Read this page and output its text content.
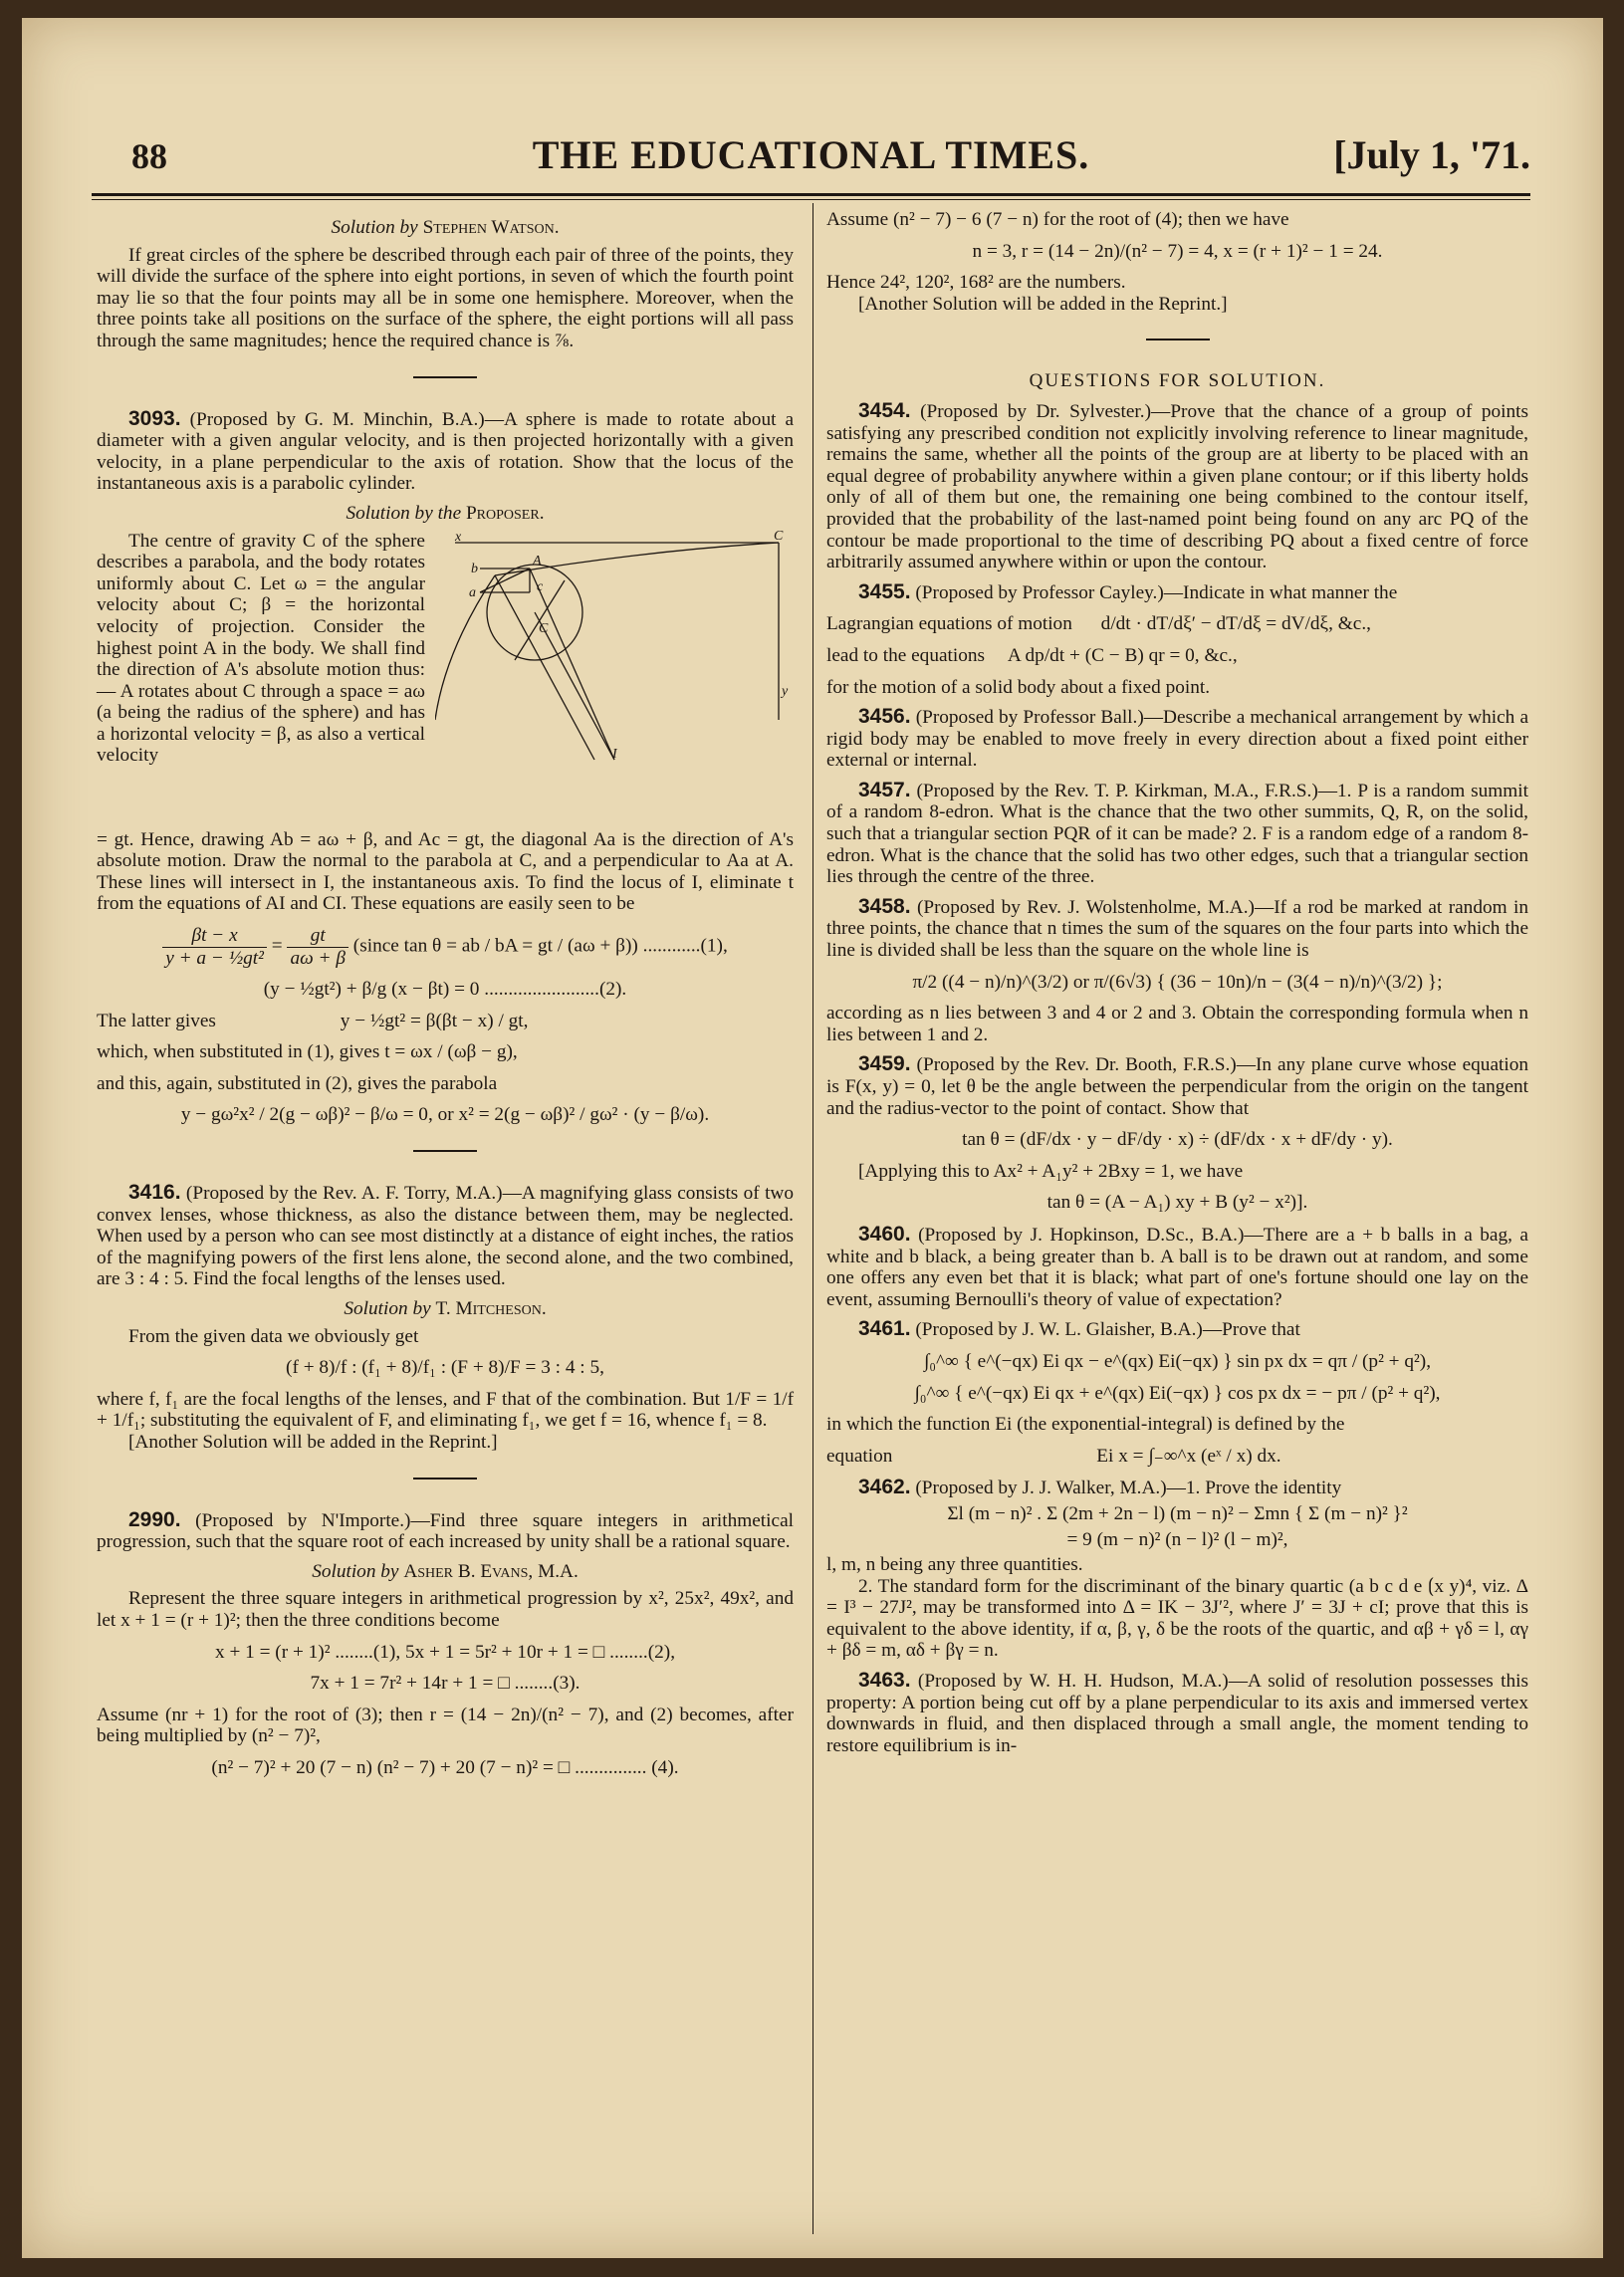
88	THE EDUCATIONAL TIMES.	[July 1, '71.

Solution by Stephen Watson.

If great circles of the sphere be described through each pair of three of the points, they will divide the surface of the sphere into eight portions, in seven of which the fourth point may lie so that the four points may all be in some one hemisphere. Moreover, when the three points take all positions on the surface of the sphere, the eight portions will all pass through the same magnitudes; hence the required chance is ⅞.

3093. (Proposed by G. M. Minchin, B.A.)—A sphere is made to rotate about a diameter with a given angular velocity, and is then projected horizontally with a given velocity, in a plane perpendicular to the axis of rotation. Show that the locus of the instantaneous axis is a parabolic cylinder.

Solution by the Proposer.

The centre of gravity C of the sphere describes a parabola, and the body rotates uniformly about C. Let ω = the angular velocity about C; β = the horizontal velocity of projection. Consider the highest point A in the body. We shall find the direction of A's absolute motion thus:— A rotates about C through a space = aω (a being the radius of the sphere) and has a horizontal velocity = β, as also a vertical velocity

x	C
b
A
c
a
C
I
y

= gt. Hence, drawing Ab = aω + β, and Ac = gt, the diagonal Aa is the direction of A's absolute motion. Draw the normal to the parabola at C, and a perpendicular to Aa at A. These lines will intersect in I, the instantaneous axis. To find the locus of I, eliminate t from the equations of AI and CI. These equations are easily seen to be

$\frac{\beta t - x}{\text{y + a − ½gt²}} = \frac{gt}{a\omega + \beta}$ (since tan θ = ab / bA = gt / (aω + β)) ............(1),
(y − ½gt²) + β/g (x − βt) = 0 ........................(2).
The latter gives	y − ½gt² = β(βt − x) / gt,
which, when substituted in (1), gives t = ωx / (ωβ − g),

and this, again, substituted in (2), gives the parabola

y − gω²x² / 2(g − ωβ)² − β/ω = 0, or x² = 2(g − ωβ)² / gω² · (y − β/ω).

3416. (Proposed by the Rev. A. F. Torry, M.A.)—A magnifying glass consists of two convex lenses, whose thickness, as also the distance between them, may be neglected. When used by a person who can see most distinctly at a distance of eight inches, the ratios of the magnifying powers of the first lens alone, the second alone, and the two combined, are 3 : 4 : 5. Find the focal lengths of the lenses used.

Solution by T. Mitcheson.

From the given data we obviously get

(f + 8)/f : (f₁ + 8)/f₁ : (F + 8)/F = 3 : 4 : 5,

where f, f₁ are the focal lengths of the lenses, and F that of the combination. But 1/F = 1/f + 1/f₁; substituting the equivalent of F, and eliminating f₁, we get f = 16, whence f₁ = 8.

[Another Solution will be added in the Reprint.]

2990. (Proposed by N'Importe.)—Find three square integers in arithmetical progression, such that the square root of each increased by unity shall be a rational square.

Solution by Asher B. Evans, M.A.

Represent the three square integers in arithmetical progression by x², 25x², 49x², and let x + 1 = (r + 1)²; then the three conditions become

x + 1 = (r + 1)² ........(1), 5x + 1 = 5r² + 10r + 1 = □ ........(2),
7x + 1 = 7r² + 14r + 1 = □ ........(3).

Assume (nr + 1) for the root of (3); then r = (14 − 2n)/(n² − 7), and (2) becomes, after being multiplied by (n² − 7)²,

(n² − 7)² + 20 (7 − n) (n² − 7) + 20 (7 − n)² = □ ............... (4).

Assume (n² − 7) − 6 (7 − n) for the root of (4); then we have

n = 3, r = (14 − 2n)/(n² − 7) = 4, x = (r + 1)² − 1 = 24.

Hence 24², 120², 168² are the numbers.

[Another Solution will be added in the Reprint.]

QUESTIONS FOR SOLUTION.

3454. (Proposed by Dr. Sylvester.)—Prove that the chance of a group of points satisfying any prescribed condition not explicitly involving reference to linear magnitude, remains the same, whether all the points of the group are at liberty to be placed with an equal degree of probability anywhere within a given plane contour; or if this liberty holds only of all of them but one, the remaining one being combined to the contour itself, provided that the probability of the last-named point being found on any arc PQ of the contour be made proportional to the time of describing PQ about a fixed centre of force arbitrarily assumed anywhere within or upon the contour.

3455. (Proposed by Professor Cayley.)—Indicate in what manner the

Lagrangian equations of motion d/dt · dT/dξ′ − dT/dξ = dV/dξ, &c.,
lead to the equations A dp/dt + (C − B) qr = 0, &c.,

for the motion of a solid body about a fixed point.

3456. (Proposed by Professor Ball.)—Describe a mechanical arrangement by which a rigid body may be enabled to move freely in every direction about a fixed point either external or internal.

3457. (Proposed by the Rev. T. P. Kirkman, M.A., F.R.S.)—1. P is a random summit of a random 8-edron. What is the chance that the two other summits, Q, R, on the solid, such that a triangular section PQR of it can be made? 2. F is a random edge of a random 8-edron. What is the chance that the solid has two other edges, such that a triangular section lies through the centre of the three.

3458. (Proposed by Rev. J. Wolstenholme, M.A.)—If a rod be marked at random in three points, the chance that n times the sum of the squares on the four parts into which the line is divided shall be less than the square on the whole line is

π/2 ((4 − n)/n)^(3/2) or π/(6√3) { (36 − 10n)/n − (3(4 − n)/n)^(3/2) };

according as n lies between 3 and 4 or 2 and 3. Obtain the corresponding formula when n lies between 1 and 2.

3459. (Proposed by the Rev. Dr. Booth, F.R.S.)—In any plane curve whose equation is F(x, y) = 0, let θ be the angle between the perpendicular from the origin on the tangent and the radius-vector to the point of contact. Show that

tan θ = (dF/dx · y − dF/dy · x) ÷ (dF/dx · x + dF/dy · y).

[Applying this to Ax² + A₁y² + 2Bxy = 1, we have

tan θ = (A − A₁) xy + B (y² − x²)].

3460. (Proposed by J. Hopkinson, D.Sc., B.A.)—There are a + b balls in a bag, a white and b black, a being greater than b. A ball is to be drawn out at random, and some one offers any even bet that it is black; what part of one's fortune should one lay on the event, assuming Bernoulli's theory of value of expectation?

3461. (Proposed by J. W. L. Glaisher, B.A.)—Prove that

∫₀^∞ { e^(−qx) Ei qx − e^(qx) Ei(−qx) } sin px dx = qπ / (p² + q²),
∫₀^∞ { e^(−qx) Ei qx + e^(qx) Ei(−qx) } cos px dx = − pπ / (p² + q²),

in which the function Ei (the exponential-integral) is defined by the

equation	Ei x = ∫₋∞^x (eˣ / x) dx.

3462. (Proposed by J. J. Walker, M.A.)—1. Prove the identity

Σl (m − n)² . Σ (2m + 2n − l) (m − n)² − Σmn { Σ (m − n)² }²
= 9 (m − n)² (n − l)² (l − m)²,

l, m, n being any three quantities.

2. The standard form for the discriminant of the binary quartic (a b c d e ⟮x y)⁴, viz. Δ = I³ − 27J², may be transformed into Δ = IK − 3J′², where J′ = 3J + cI; prove that this is equivalent to the above identity, if α, β, γ, δ be the roots of the quartic, and αβ + γδ = l, αγ + βδ = m, αδ + βγ = n.

3463. (Proposed by W. H. H. Hudson, M.A.)—A solid of resolution possesses this property: A portion being cut off by a plane perpendicular to its axis and immersed vertex downwards in fluid, and then displaced through a small angle, the moment tending to restore equilibrium is in-
